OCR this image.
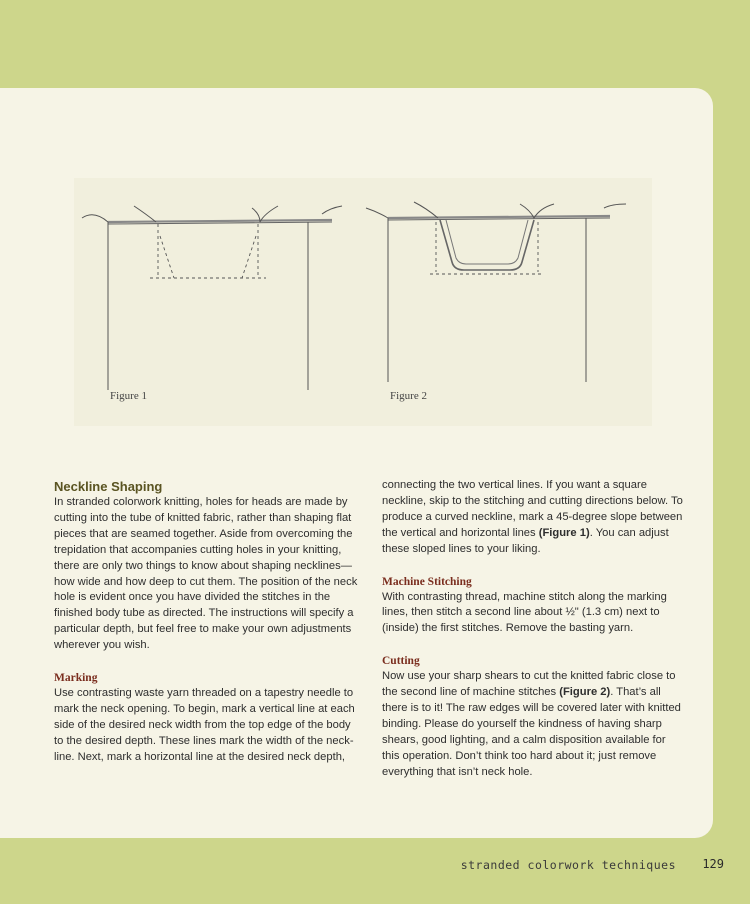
Figure 1	Figure 2
Neckline Shaping

In stranded colorwork knitting, holes for heads are made by cutting into the tube of knitted fabric, rather than shaping flat pieces that are seamed together. Aside from overcoming the trepidation that accompanies cutting holes in your knitting, there are only two things to know about shaping necklines—how wide and how deep to cut them. The position of the neck hole is evident once you have divided the stitches in the finished body tube as directed. The instructions will specify a particular depth, but feel free to make your own adjustments wherever you wish.

Marking

Use contrasting waste yarn threaded on a tapestry needle to mark the neck opening. To begin, mark a vertical line at each side of the desired neck width from the top edge of the body to the desired depth. These lines mark the width of the neck-line. Next, mark a horizontal line at the desired neck depth,

connecting the two vertical lines. If you want a square neckline, skip to the stitching and cutting directions below. To produce a curved neckline, mark a 45-degree slope between the vertical and horizontal lines (Figure 1). You can adjust these sloped lines to your liking.

Machine Stitching

With contrasting thread, machine stitch along the marking lines, then stitch a second line about ½" (1.3 cm) next to (inside) the first stitches. Remove the basting yarn.

Cutting

Now use your sharp shears to cut the knitted fabric close to the second line of machine stitches (Figure 2). That’s all there is to it! The raw edges will be covered later with knitted binding. Please do yourself the kindness of having sharp shears, good lighting, and a calm disposition available for this operation. Don’t think too hard about it; just remove everything that isn’t neck hole.

stranded colorwork techniques 129
